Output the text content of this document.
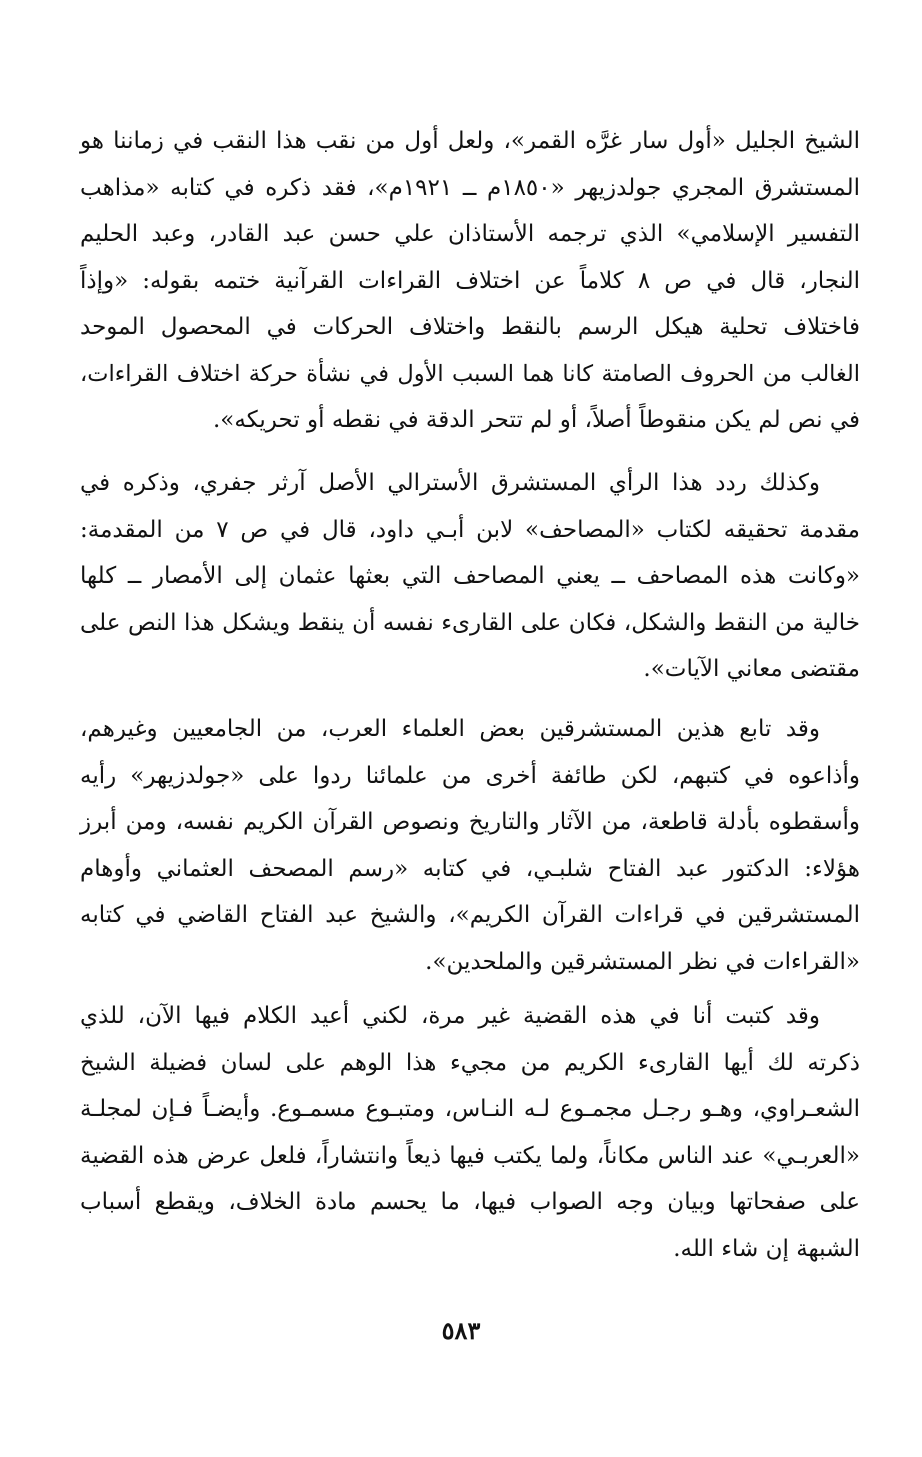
الشيخ الجليل «أول سار غرَّه القمر»، ولعل أول من نقب هذا النقب في زماننا هو
المستشرق المجري جولدزيهر «١٨٥٠م ــ ١٩٢١م»، فقد ذكره في كتابه «مذاهب
التفسير الإسلامي» الذي ترجمه الأستاذان علي حسن عبد القادر، وعبد الحليم
النجار، قال في ص ٨ كلاماً عن اختلاف القراءات القرآنية ختمه بقوله: «وإذاً
فاختلاف تحلية هيكل الرسم بالنقط واختلاف الحركات في المحصول الموحد
الغالب من الحروف الصامتة كانا هما السبب الأول في نشأة حركة اختلاف القراءات،
في نص لم يكن منقوطاً أصلاً، أو لم تتحر الدقة في نقطه أو تحريكه».
وكذلك ردد هذا الرأي المستشرق الأسترالي الأصل آرثر جفري، وذكره في
مقدمة تحقيقه لكتاب «المصاحف» لابن أبـي داود، قال في ص ٧ من المقدمة:
«وكانت هذه المصاحف ــ يعني المصاحف التي بعثها عثمان إلى الأمصار ــ كلها
خالية من النقط والشكل، فكان على القارىء نفسه أن ينقط ويشكل هذا النص على
مقتضى معاني الآيات».
وقد تابع هذين المستشرقين بعض العلماء العرب، من الجامعيين وغيرهم،
وأذاعوه في كتبهم، لكن طائفة أخرى من علمائنا ردوا على «جولدزيهر» رأيه
وأسقطوه بأدلة قاطعة، من الآثار والتاريخ ونصوص القرآن الكريم نفسه، ومن أبرز
هؤلاء: الدكتور عبد الفتاح شلبـي، في كتابه «رسم المصحف العثماني وأوهام
المستشرقين في قراءات القرآن الكريم»، والشيخ عبد الفتاح القاضي في كتابه
«القراءات في نظر المستشرقين والملحدين».
وقد كتبت أنا في هذه القضية غير مرة، لكني أعيد الكلام فيها الآن، للذي
ذكرته لك أيها القارىء الكريم من مجيء هذا الوهم على لسان فضيلة الشيخ
الشعـراوي، وهـو رجـل مجمـوع لـه النـاس، ومتبـوع مسمـوع. وأيضـاً فـإن لمجلـة
«العربـي» عند الناس مكاناً، ولما يكتب فيها ذيعاً وانتشاراً، فلعل عرض هذه القضية
على صفحاتها وبيان وجه الصواب فيها، ما يحسم مادة الخلاف، ويقطع أسباب
الشبهة إن شاء الله.
٥٨٣
